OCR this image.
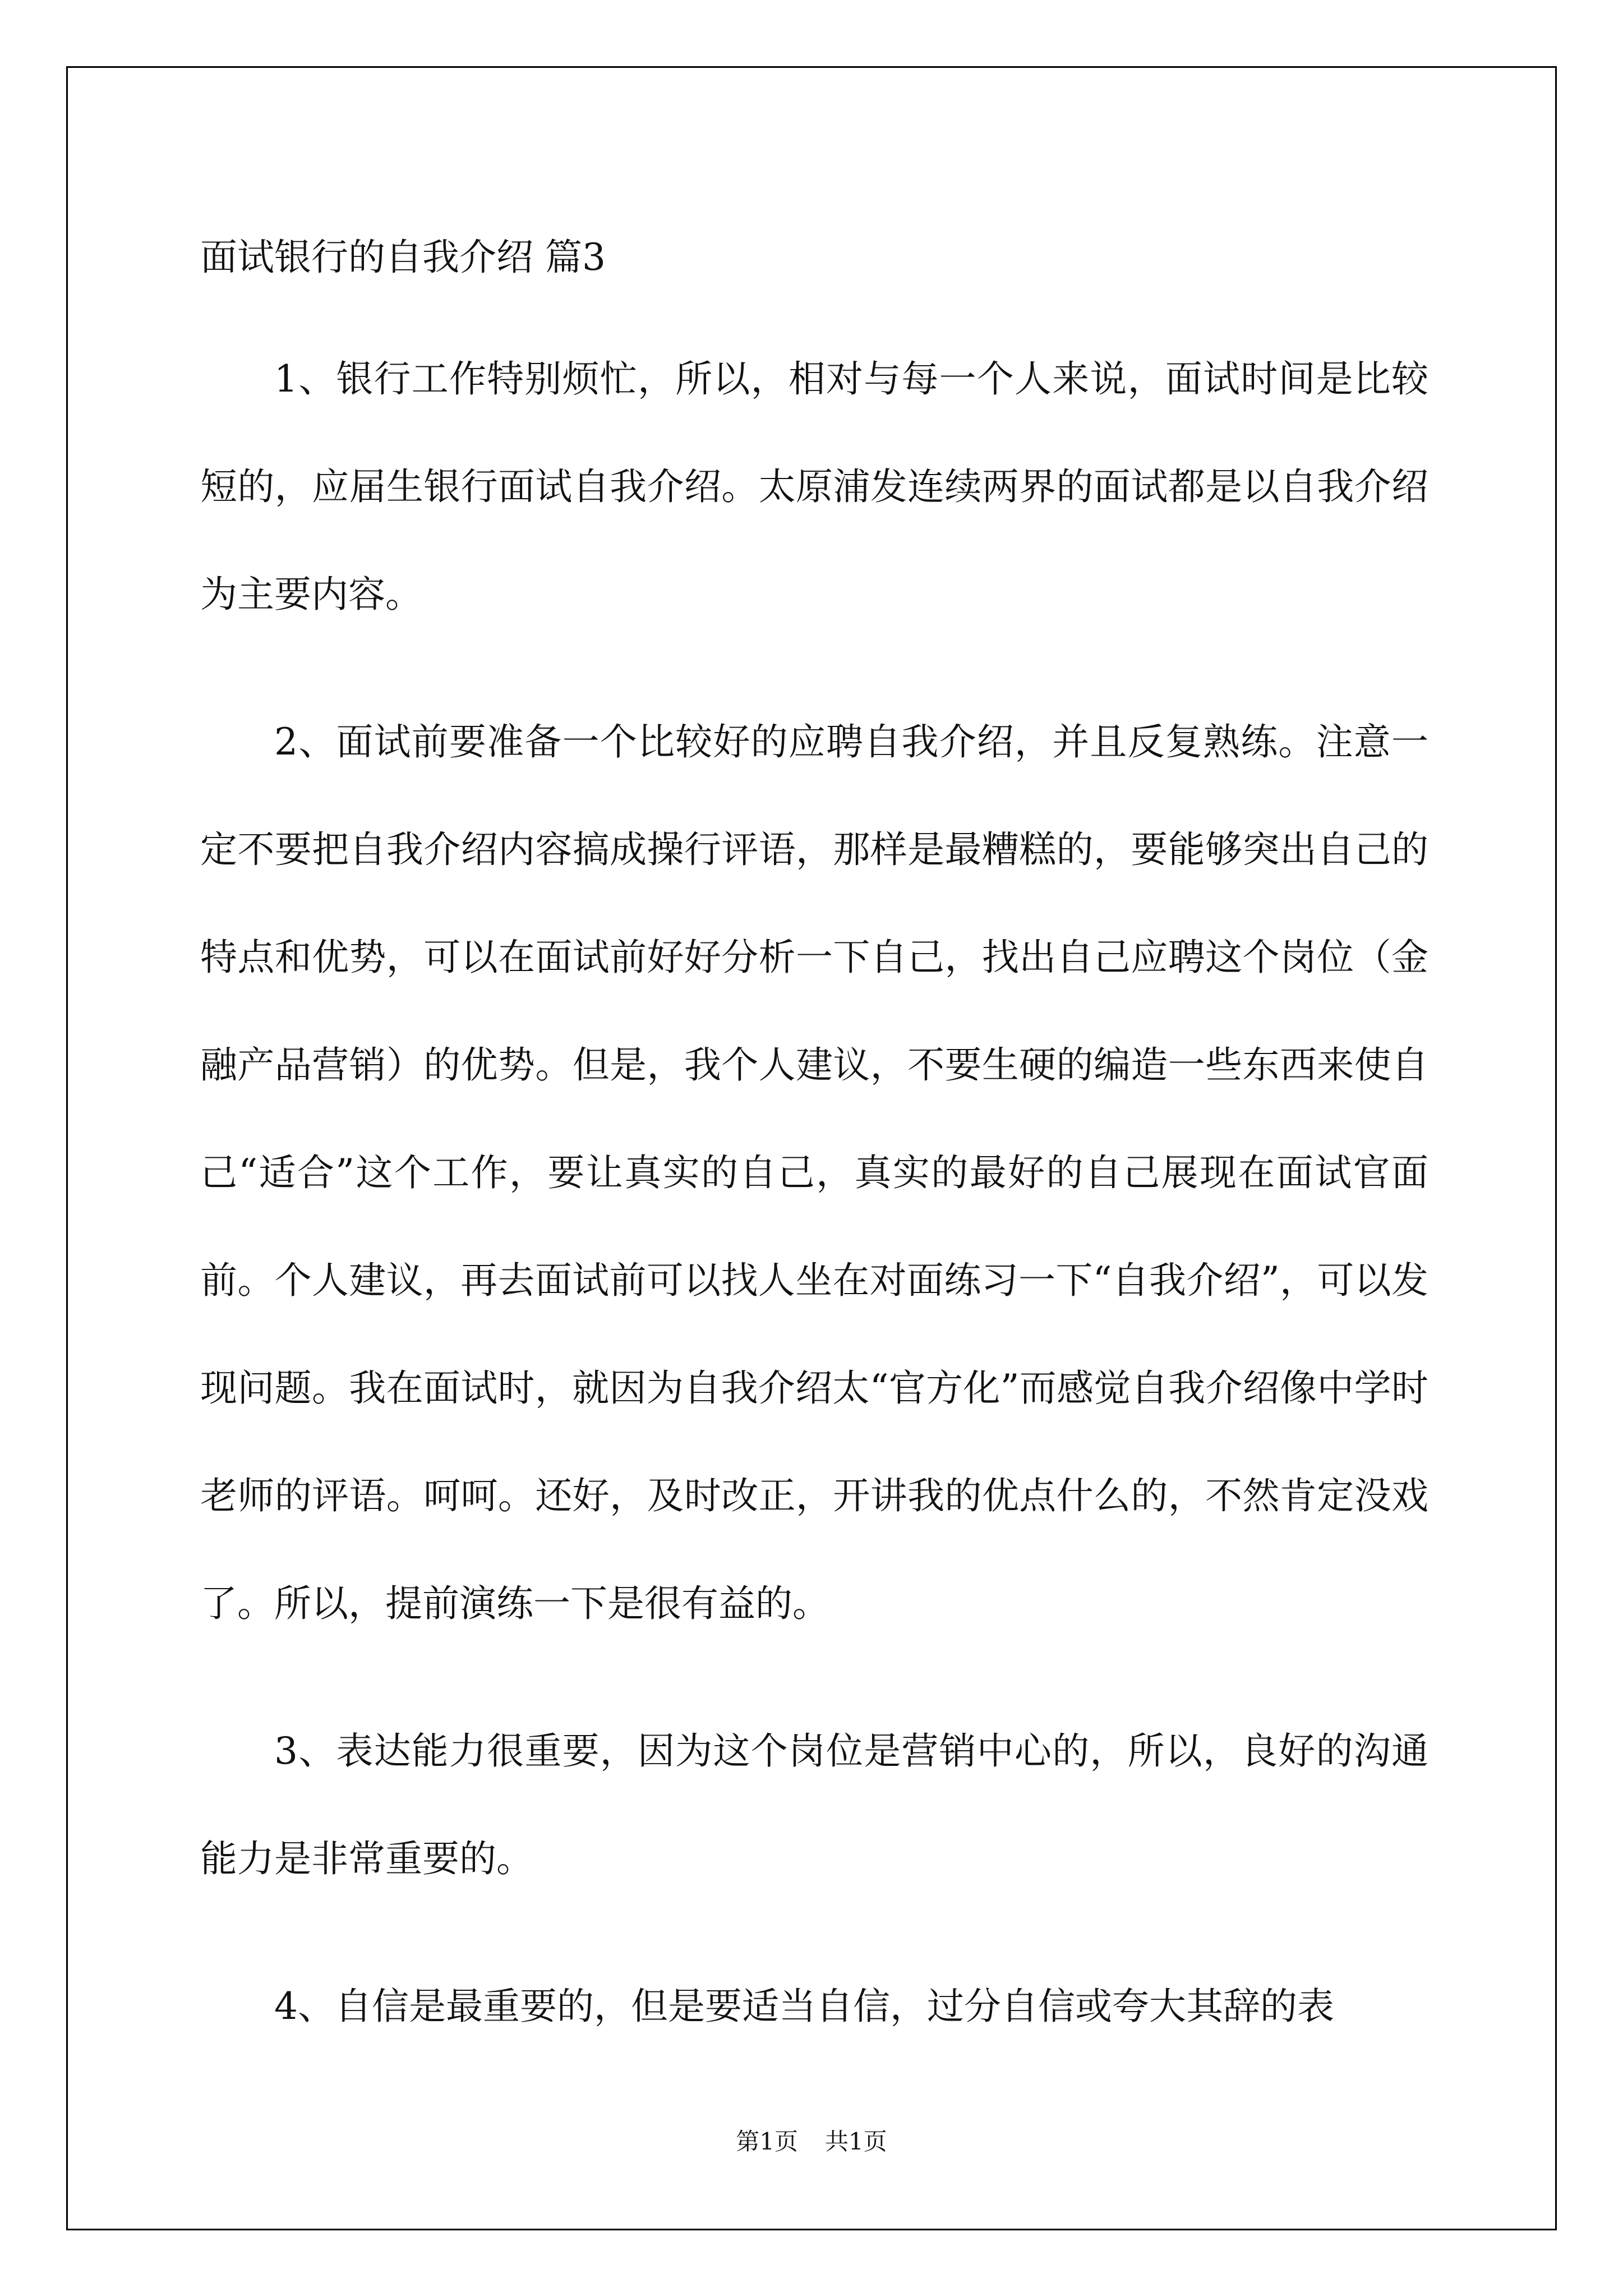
面试银行的自我介绍 篇3

1、银行工作特别烦忙，所以，相对与每一个人来说，面试时间是比较短的，应届生银行面试自我介绍。太原浦发连续两界的面试都是以自我介绍为主要内容。

2、面试前要准备一个比较好的应聘自我介绍，并且反复熟练。注意一定不要把自我介绍内容搞成操行评语，那样是最糟糕的，要能够突出自己的特点和优势，可以在面试前好好分析一下自己，找出自己应聘这个岗位（金融产品营销）的优势。但是，我个人建议，不要生硬的编造一些东西来使自己“适合”这个工作，要让真实的自己，真实的最好的自己展现在面试官面前。个人建议，再去面试前可以找人坐在对面练习一下“自我介绍”，可以发现问题。我在面试时，就因为自我介绍太“官方化”而感觉自我介绍像中学时老师的评语。呵呵。还好，及时改正，开讲我的优点什么的，不然肯定没戏了。所以，提前演练一下是很有益的。

3、表达能力很重要，因为这个岗位是营销中心的，所以，良好的沟通能力是非常重要的。

4、自信是最重要的，但是要适当自信，过分自信或夸大其辞的表

第1页 共1页
